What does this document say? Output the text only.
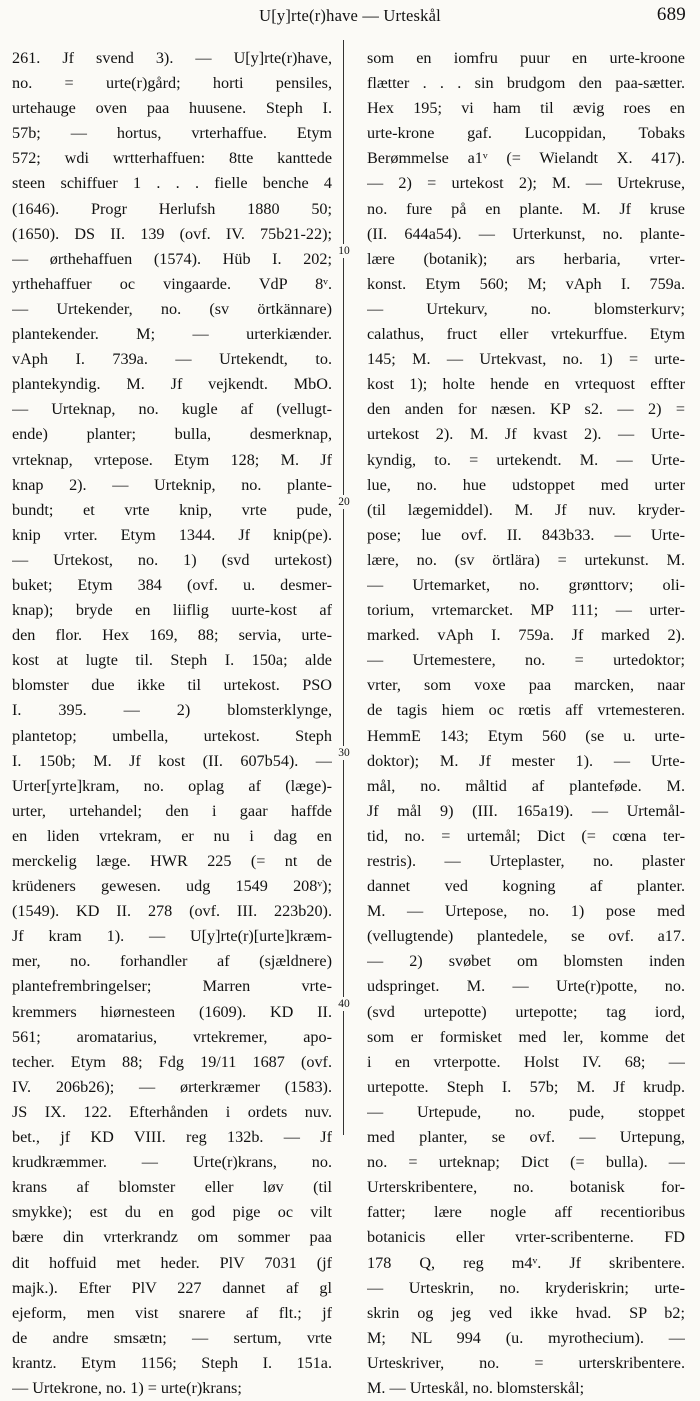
U[y]rte(r)have — Urteskål	689
10
20
30
40
261. Jf svend 3). — U[y]rte(r)have,
no. = urte(r)gård; horti pensiles,
urtehauge oven paa huusene. Steph I.
57b; — hortus, vrterhaffue. Etym
572; wdi wrtterhaffuen: 8tte kanttede
steen schiffuer 1 . . . fielle benche 4
(1646). Progr Herlufsh 1880 50;
(1650). DS II. 139 (ovf. IV. 75b21-22);
— ørthehaffuen (1574). Hüb I. 202;
yrthehaffuer oc vingaarde. VdP 8ᵛ.
— Urtekender, no. (sv örtkännare)
plantekender. M; — urterkiænder.
vAph I. 739a. — Urtekendt, to.
plantekyndig. M. Jf vejkendt. MbO.
— Urteknap, no. kugle af (vellugt-
ende) planter; bulla, desmerknap,
vrteknap, vrtepose. Etym 128; M. Jf
knap 2). — Urteknip, no. plante-
bundt; et vrte knip, vrte pude,
knip vrter. Etym 1344. Jf knip(pe).
— Urtekost, no. 1) (svd urtekost)
buket; Etym 384 (ovf. u. desmer-
knap); bryde en liiflig uurte-kost af
den flor. Hex 169, 88; servia, urte-
kost at lugte til. Steph I. 150a; alde
blomster due ikke til urtekost. PSO
I. 395. — 2) blomsterklynge,
plantetop; umbella, urtekost. Steph
I. 150b; M. Jf kost (II. 607b54). —
Urter[yrte]kram, no. oplag af (læge)-
urter, urtehandel; den i gaar haffde
en liden vrtekram, er nu i dag en
merckelig læge. HWR 225 (= nt de
krüdeners gewesen. udg 1549 208ᵛ);
(1549). KD II. 278 (ovf. III. 223b20).
Jf kram 1). — U[y]rte(r)[urte]kræm-
mer, no. forhandler af (sjældnere)
plantefrembringelser; Marren vrte-
kremmers hiørnesteen (1609). KD II.
561; aromatarius, vrtekremer, apo-
techer. Etym 88; Fdg 19/11 1687 (ovf.
IV. 206b26); — ørterkræmer (1583).
JS IX. 122. Efterhånden i ordets nuv.
bet., jf KD VIII. reg 132b. — Jf
krudkræmmer. — Urte(r)krans, no.
krans af blomster eller løv (til
smykke); est du en god pige oc vilt
bære din vrterkrandz om sommer paa
dit hoffuid met heder. PlV 7031 (jf
majk.). Efter PlV 227 dannet af gl
ejeform, men vist snarere af flt.; jf
de andre smsætn; — sertum, vrte
krantz. Etym 1156; Steph I. 151a.
— Urtekrone, no. 1) = urte(r)krans;
som en iomfru puur en urte-kroone
flætter . . . sin brudgom den paa-sætter.
Hex 195; vi ham til ævig roes en
urte-krone gaf. Lucoppidan, Tobaks
Berømmelse a1ᵛ (= Wielandt X. 417).
— 2) = urtekost 2); M. — Urtekruse,
no. fure på en plante. M. Jf kruse
(II. 644a54). — Urterkunst, no. plante-
lære (botanik); ars herbaria, vrter-
konst. Etym 560; M; vAph I. 759a.
— Urtekurv, no. blomsterkurv;
calathus, fruct eller vrtekurffue. Etym
145; M. — Urtekvast, no. 1) = urte-
kost 1); holte hende en vrtequost effter
den anden for næsen. KP s2. — 2) =
urtekost 2). M. Jf kvast 2). — Urte-
kyndig, to. = urtekendt. M. — Urte-
lue, no. hue udstoppet med urter
(til lægemiddel). M. Jf nuv. kryder-
pose; lue ovf. II. 843b33. — Urte-
lære, no. (sv örtlära) = urtekunst. M.
— Urtemarket, no. grønttorv; oli-
torium, vrtemarcket. MP 111; — urter-
marked. vAph I. 759a. Jf marked 2).
— Urtemestere, no. = urtedoktor;
vrter, som voxe paa marcken, naar
de tagis hiem oc rœtis aff vrtemesteren.
HemmE 143; Etym 560 (se u. urte-
doktor); M. Jf mester 1). — Urte-
mål, no. måltid af planteføde. M.
Jf mål 9) (III. 165a19). — Urtemål-
tid, no. = urtemål; Dict (= cœna ter-
restris). — Urteplaster, no. plaster
dannet ved kogning af planter.
M. — Urtepose, no. 1) pose med
(vellugtende) plantedele, se ovf. a17.
— 2) svøbet om blomsten inden
udspringet. M. — Urte(r)potte, no.
(svd urtepotte) urtepotte; tag iord,
som er formisket med ler, komme det
i en vrterpotte. Holst IV. 68; —
urtepotte. Steph I. 57b; M. Jf krudp.
— Urtepude, no. pude, stoppet
med planter, se ovf. — Urtepung,
no. = urteknap; Dict (= bulla). —
Urterskribentere, no. botanisk for-
fatter; lære nogle aff recentioribus
botanicis eller vrter-scribenterne. FD
178 Q, reg m4ᵛ. Jf skribentere.
— Urteskrin, no. kryderiskrin; urte-
skrin og jeg ved ikke hvad. SP b2;
M; NL 994 (u. myrothecium). —
Urteskriver, no. = urterskribentere.
M. — Urteskål, no. blomsterskål;
